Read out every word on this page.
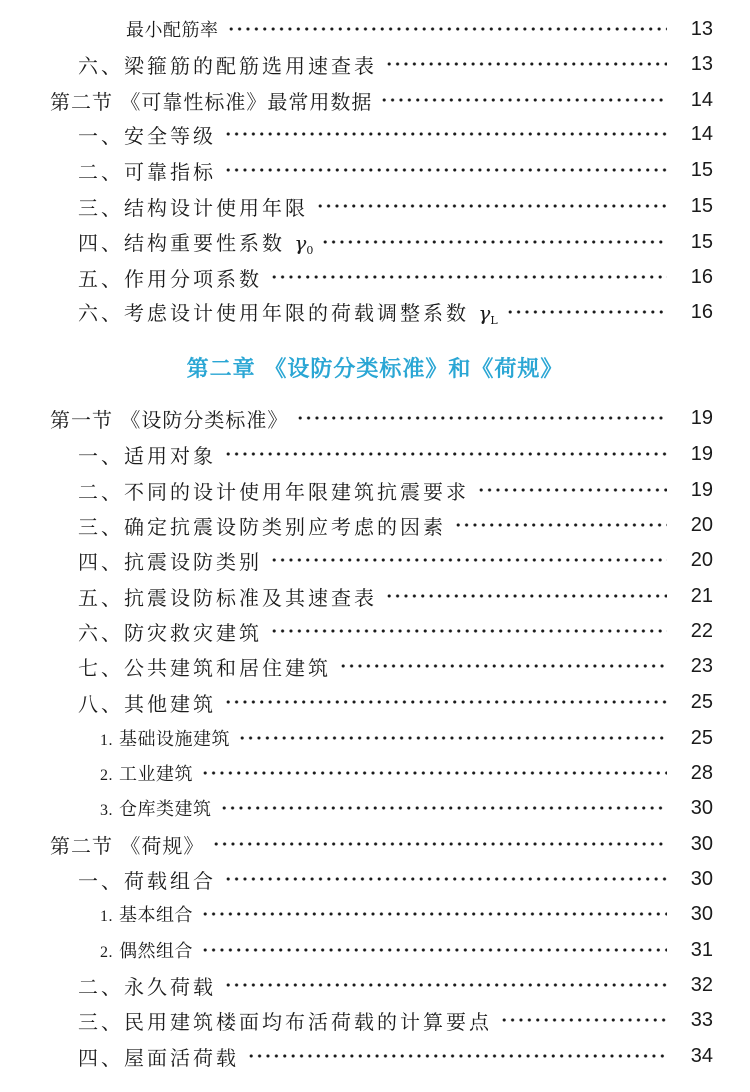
最小配筋率	13
六、梁箍筋的配筋选用速查表	13
第二节 《可靠性标准》最常用数据	14
一、安全等级	14
二、可靠指标	15
三、结构设计使用年限	15
四、结构重要性系数 $\gamma_0$	15
五、作用分项系数	16
六、考虑设计使用年限的荷载调整系数 $\gamma_L$	16
第二章 《设防分类标准》和《荷规》
第一节 《设防分类标准》	19
一、适用对象	19
二、不同的设计使用年限建筑抗震要求	19
三、确定抗震设防类别应考虑的因素	20
四、抗震设防类别	20
五、抗震设防标准及其速查表	21
六、防灾救灾建筑	22
七、公共建筑和居住建筑	23
八、其他建筑	25
1. 基础设施建筑	25
2. 工业建筑	28
3. 仓库类建筑	30
第二节 《荷规》	30
一、荷载组合	30
1. 基本组合	30
2. 偶然组合	31
二、永久荷载	32
三、民用建筑楼面均布活荷载的计算要点	33
四、屋面活荷载	34
